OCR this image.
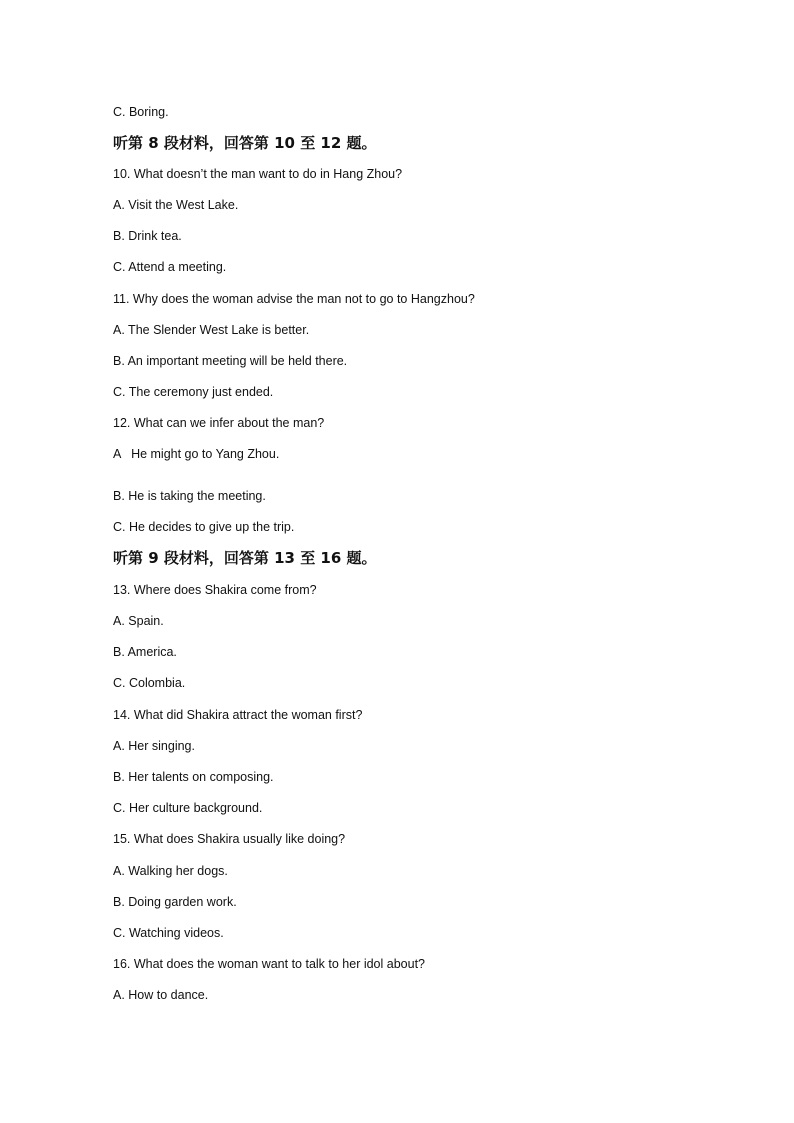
C. Boring.
听第 8 段材料，回答第 10 至 12 题。
10. What doesn’t the man want to do in Hang Zhou?
A. Visit the West Lake.
B. Drink tea.
C. Attend a meeting.
11. Why does the woman advise the man not to go to Hangzhou?
A. The Slender West Lake is better.
B. An important meeting will be held there.
C. The ceremony just ended.
12. What can we infer about the man?
A   He might go to Yang Zhou.
B. He is taking the meeting.
C. He decides to give up the trip.
听第 9 段材料，回答第 13 至 16 题。
13. Where does Shakira come from?
A. Spain.
B. America.
C. Colombia.
14. What did Shakira attract the woman first?
A. Her singing.
B. Her talents on composing.
C. Her culture background.
15. What does Shakira usually like doing?
A. Walking her dogs.
B. Doing garden work.
C. Watching videos.
16. What does the woman want to talk to her idol about?
A. How to dance.
